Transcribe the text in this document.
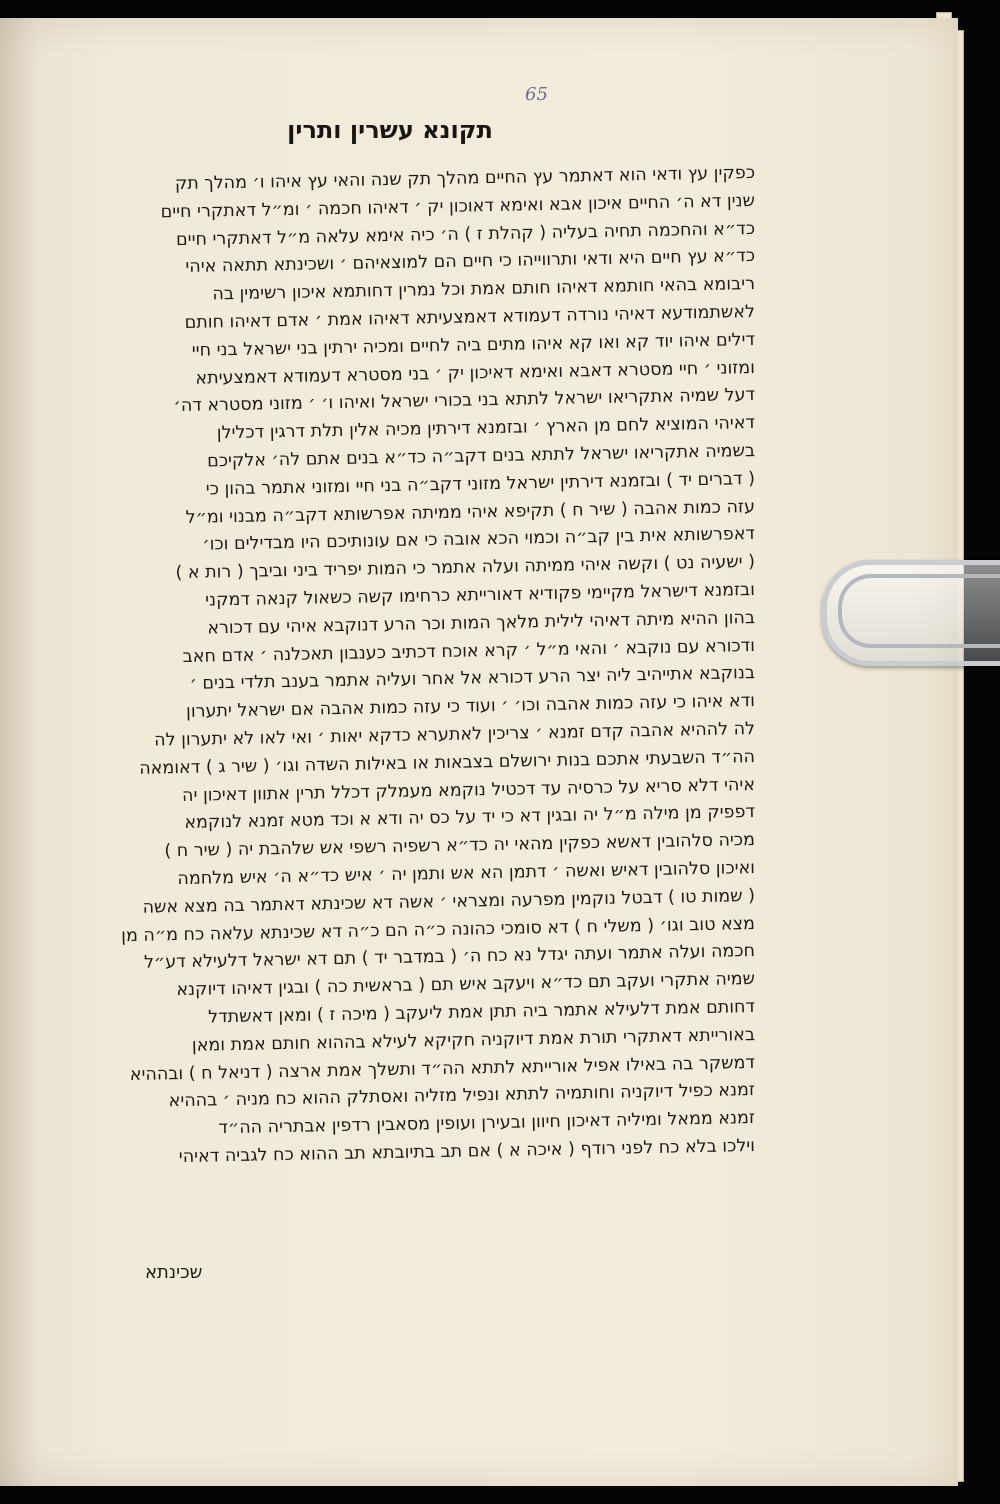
65
תקונא עשרין ותרין
כפקין עץ ודאי הוא דאתמר עץ החיים מהלך תק שנה והאי עץ איהו ו׳ מהלך תק
שנין דא ה׳ החיים איכון אבא ואימא דאוכון יק ׳ דאיהו חכמה ׳ ומ״ל דאתקרי חיים
כד״א והחכמה תחיה בעליה ( קהלת ז ) ה׳ כיה אימא עלאה מ״ל דאתקרי חיים
כד״א עץ חיים היא ודאי ותרווייהו כי חיים הם למוצאיהם ׳ ושכינתא תתאה איהי
ריבומא בהאי חותמא דאיהו חותם אמת וכל נמרין דחותמא איכון רשימין בה
לאשתמודעא דאיהי נורדה דעמודא דאמצעיתא דאיהו אמת ׳ אדם דאיהו חותם
דילים איהו יוד קא ואו קא איהו מתים ביה לחיים ומכיה ירתין בני ישראל בני חיי
ומזוני ׳ חיי מסטרא דאבא ואימא דאיכון יק ׳ בני מסטרא דעמודא דאמצעיתא
דעל שמיה אתקריאו ישראל לתתא בני בכורי ישראל ואיהו ו׳ ׳ מזוני מסטרא דה׳
דאיהי המוציא לחם מן הארץ ׳ ובזמנא דירתין מכיה אלין תלת דרגין דכלילן
בשמיה אתקריאו ישראל לתתא בנים דקב״ה כד״א בנים אתם לה׳ אלקיכם
( דברים יד ) ובזמנא דירתין ישראל מזוני דקב״ה בני חיי ומזוני אתמר בהון כי
עזה כמות אהבה ( שיר ח ) תקיפא איהי ממיתה אפרשותא דקב״ה מבנוי ומ״ל
דאפרשותא אית בין קב״ה וכמוי הכא אובה כי אם עונותיכם היו מבדילים וכו׳
( ישעיה נט ) וקשה איהי ממיתה ועלה אתמר כי המות יפריד ביני וביבך ( רות א )
ובזמנא דישראל מקיימי פקודיא דאורייתא כרחימו קשה כשאול קנאה דמקני
בהון ההיא מיתה דאיהי לילית מלאך המות וכר הרע דנוקבא איהי עם דכורא
ודכורא עם נוקבא ׳ והאי מ״ל ׳ קרא אוכח דכתיב כענבון תאכלנה ׳ אדם חאב
בנוקבא אתייהיב ליה יצר הרע דכורא אל אחר ועליה אתמר בענב תלדי בנים ׳
ודא איהו כי עזה כמות אהבה וכו׳ ׳ ועוד כי עזה כמות אהבה אם ישראל יתערון
לה לההיא אהבה קדם זמנא ׳ צריכין לאתערא כדקא יאות ׳ ואי לאו לא יתערון לה
הה״ד השבעתי אתכם בנות ירושלם בצבאות או באילות השדה וגו׳ ( שיר ג ) דאומאה
איהי דלא סריא על כרסיה עד דכטיל נוקמא מעמלק דכלל תרין אתוון דאיכון יה
דפפיק מן מילה מ״ל יה ובגין דא כי יד על כס יה ודא א וכד מטא זמנא לנוקמא
מכיה סלהובין דאשא כפקין מהאי יה כד״א רשפיה רשפי אש שלהבת יה ( שיר ח )
ואיכון סלהובין דאיש ואשה ׳ דתמן הא אש ותמן יה ׳ איש כד״א ה׳ איש מלחמה
( שמות טו ) דבטל נוקמין מפרעה ומצראי ׳ אשה דא שכינתא דאתמר בה מצא אשה
מצא טוב וגו׳ ( משלי ח ) דא סומכי כהונה כ״ה הם כ״ה דא שכינתא עלאה כח מ״ה מן
חכמה ועלה אתמר ועתה יגדל נא כח ה׳ ( במדבר יד ) תם דא ישראל דלעילא דע״ל
שמיה אתקרי ועקב תם כד״א ויעקב איש תם ( בראשית כה ) ובגין דאיהו דיוקנא
דחותם אמת דלעילא אתמר ביה תתן אמת ליעקב ( מיכה ז ) ומאן דאשתדל
באורייתא דאתקרי תורת אמת דיוקניה חקיקא לעילא בההוא חותם אמת ומאן
דמשקר בה באילו אפיל אורייתא לתתא הה״ד ותשלך אמת ארצה ( דניאל ח ) ובההיא
זמנא כפיל דיוקניה וחותמיה לתתא ונפיל מזליה ואסתלק ההוא כח מניה ׳ בההיא
זמנא ממאל ומיליה דאיכון חיוון ובעירן ועופין מסאבין רדפין אבתריה הה״ד
וילכו בלא כח לפני רודף ( איכה א ) אם תב בתיובתא תב ההוא כח לגביה דאיהי
שכינתא
